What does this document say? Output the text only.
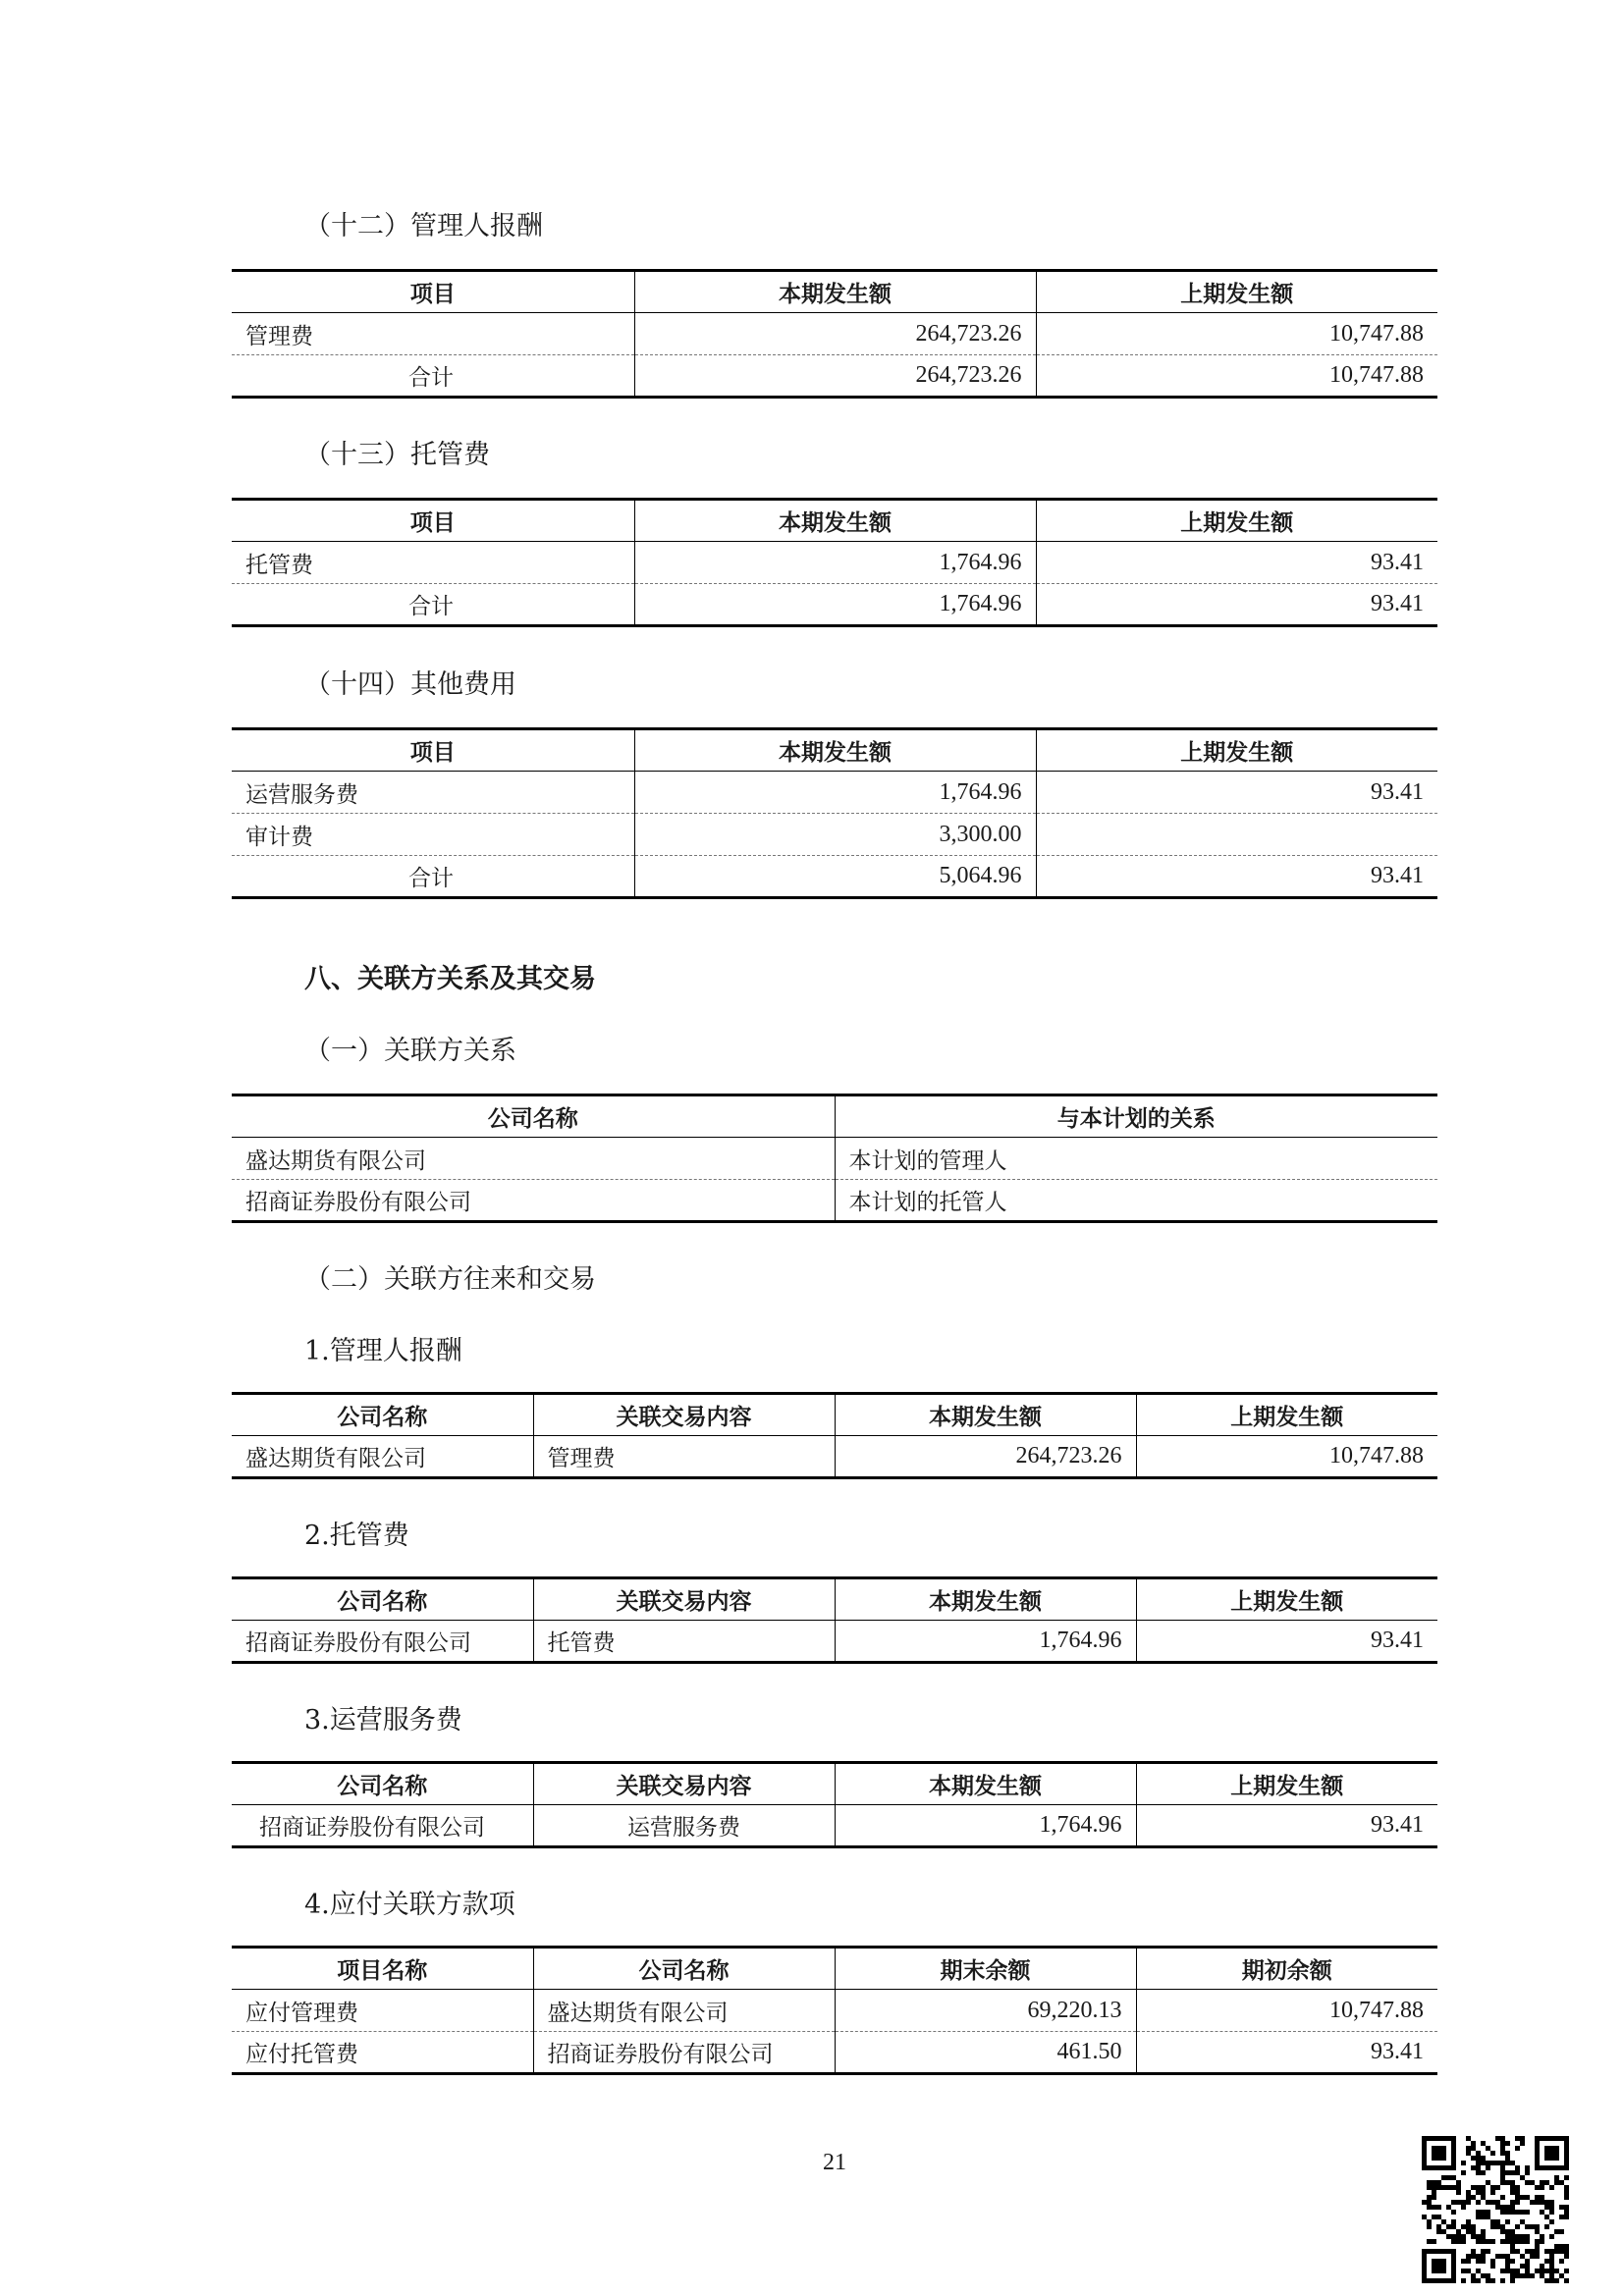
（十二）管理人报酬
项目	本期发生额	上期发生额
管理费	264,723.26	10,747.88
合计	264,723.26	10,747.88
（十三）托管费
项目	本期发生额	上期发生额
托管费	1,764.96	93.41
合计	1,764.96	93.41
（十四）其他费用
项目	本期发生额	上期发生额
运营服务费	1,764.96	93.41
审计费	3,300.00	
合计	5,064.96	93.41
八、关联方关系及其交易
（一）关联方关系
公司名称	与本计划的关系
盛达期货有限公司	本计划的管理人
招商证券股份有限公司	本计划的托管人
（二）关联方往来和交易
1.管理人报酬
公司名称	关联交易内容	本期发生额	上期发生额
盛达期货有限公司	管理费	264,723.26	10,747.88
2.托管费
公司名称	关联交易内容	本期发生额	上期发生额
招商证券股份有限公司	托管费	1,764.96	93.41
3.运营服务费
公司名称	关联交易内容	本期发生额	上期发生额
招商证券股份有限公司	运营服务费	1,764.96	93.41
4.应付关联方款项
项目名称	公司名称	期末余额	期初余额
应付管理费	盛达期货有限公司	69,220.13	10,747.88
应付托管费	招商证券股份有限公司	461.50	93.41
21
